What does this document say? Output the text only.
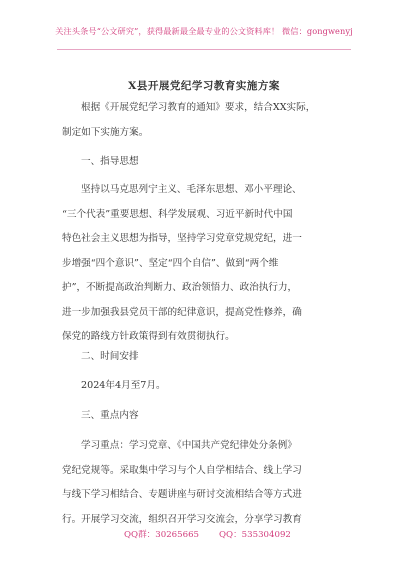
关注头条号“公文研究”，获得最新最全最专业的公文资料库！ 微信：gongwenyj
X县开展党纪学习教育实施方案
根据《开展党纪学习教育的通知》要求，结合XX实际，
制定如下实施方案。
一、指导思想
坚持以马克思列宁主义、毛泽东思想、邓小平理论、
“三个代表”重要思想、科学发展观、习近平新时代中国
特色社会主义思想为指导，坚持学习党章党规党纪，进一
步增强“四个意识”、坚定“四个自信”、做到“两个维
护”，不断提高政治判断力、政治领悟力、政治执行力，
进一步加强我县党员干部的纪律意识，提高党性修养，确
保党的路线方针政策得到有效贯彻执行。
二、时间安排
2024年4月至7月。
三、重点内容
学习重点：学习党章、《中国共产党纪律处分条例》
党纪党规等。采取集中学习与个人自学相结合、线上学习
与线下学习相结合、专题讲座与研讨交流相结合等方式进
行。开展学习交流，组织召开学习交流会，分享学习教育
QQ群：30265665 QQ：535304092
